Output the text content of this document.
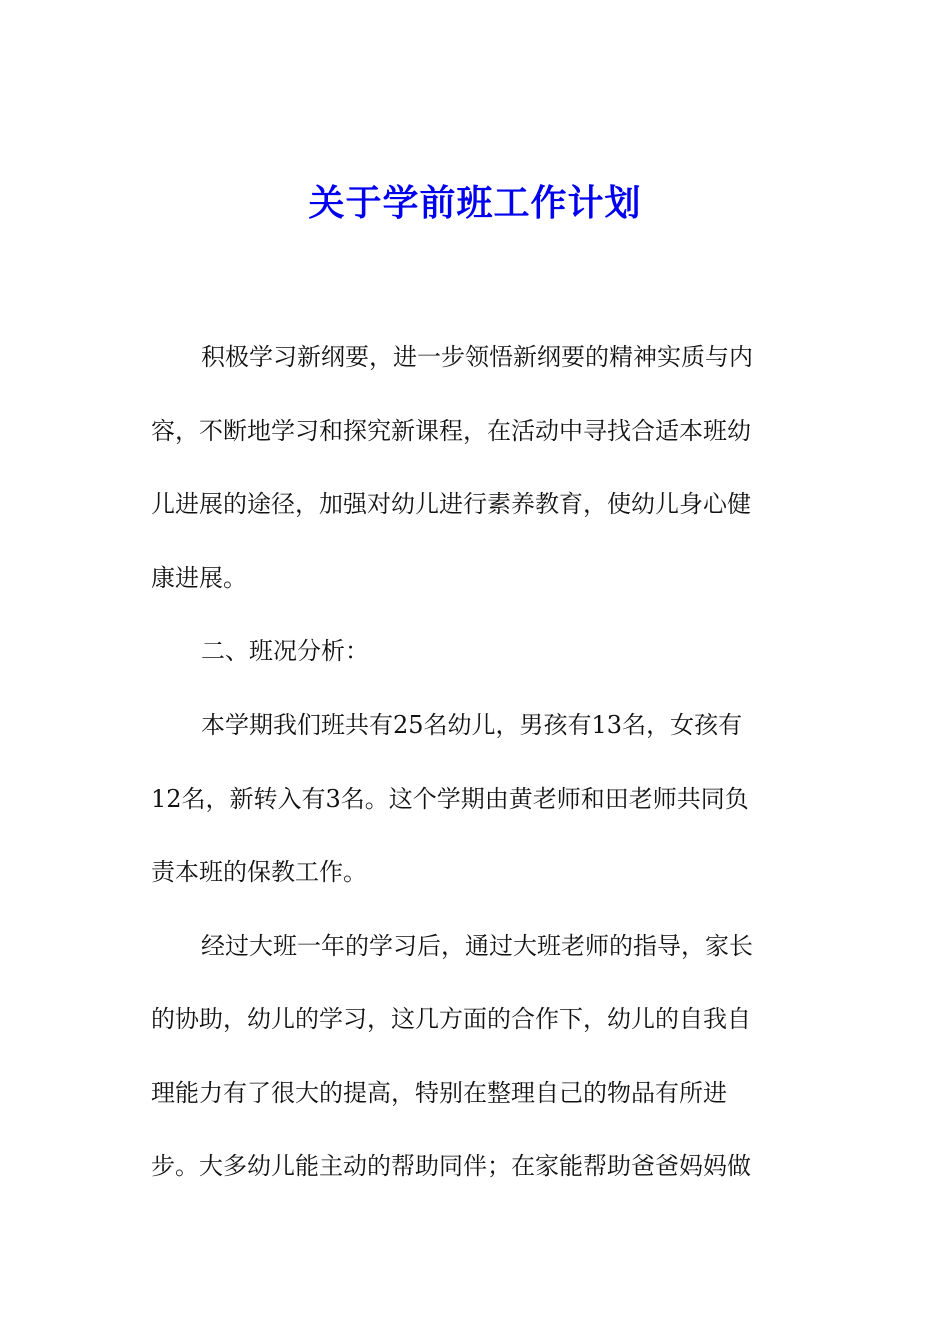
关于学前班工作计划
积极学习新纲要，进一步领悟新纲要的精神实质与内
容，不断地学习和探究新课程，在活动中寻找合适本班幼
儿进展的途径，加强对幼儿进行素养教育，使幼儿身心健
康进展。
二、班况分析：
本学期我们班共有25名幼儿，男孩有13名，女孩有
12名，新转入有3名。这个学期由黄老师和田老师共同负
责本班的保教工作。
经过大班一年的学习后，通过大班老师的指导，家长
的协助，幼儿的学习，这几方面的合作下，幼儿的自我自
理能力有了很大的提高，特别在整理自己的物品有所进
步。大多幼儿能主动的帮助同伴；在家能帮助爸爸妈妈做
